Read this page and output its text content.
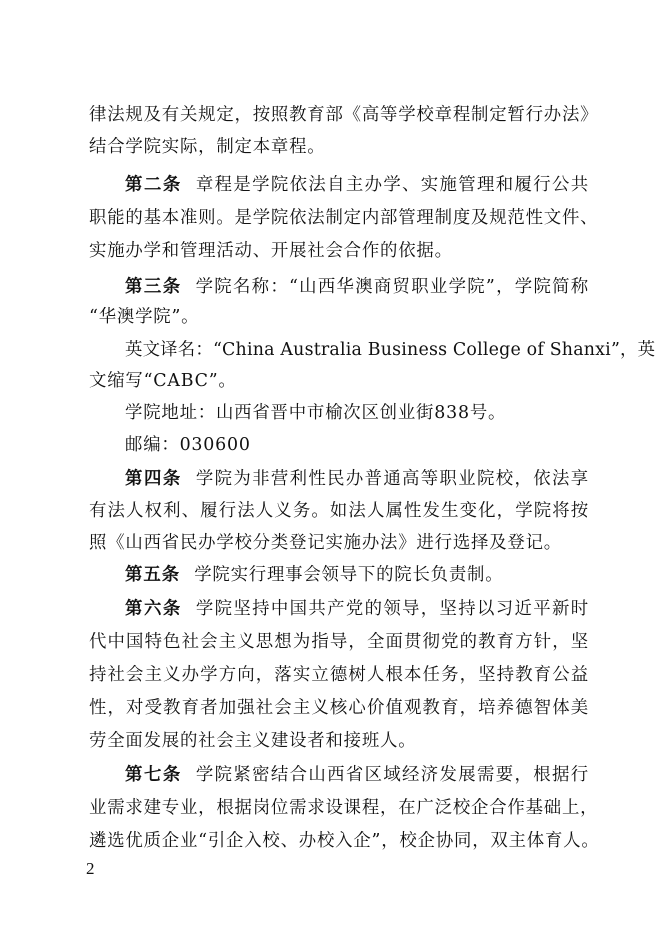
律法规及有关规定，按照教育部《高等学校章程制定暂行办法》
结合学院实际，制定本章程。
第二条 章程是学院依法自主办学、实施管理和履行公共
职能的基本准则。是学院依法制定内部管理制度及规范性文件、
实施办学和管理活动、开展社会合作的依据。
第三条 学院名称：“山西华澳商贸职业学院”，学院简称
“华澳学院”。
英文译名：“China Australia Business College of Shanxi”，英
文缩写“CABC”。
学院地址：山西省晋中市榆次区创业街838号。
邮编：030600
第四条 学院为非营利性民办普通高等职业院校，依法享
有法人权利、履行法人义务。如法人属性发生变化，学院将按
照《山西省民办学校分类登记实施办法》进行选择及登记。
第五条 学院实行理事会领导下的院长负责制。
第六条 学院坚持中国共产党的领导，坚持以习近平新时
代中国特色社会主义思想为指导，全面贯彻党的教育方针，坚
持社会主义办学方向，落实立德树人根本任务，坚持教育公益
性，对受教育者加强社会主义核心价值观教育，培养德智体美
劳全面发展的社会主义建设者和接班人。
第七条 学院紧密结合山西省区域经济发展需要，根据行
业需求建专业，根据岗位需求设课程，在广泛校企合作基础上，
遴选优质企业“引企入校、办校入企”，校企协同，双主体育人。
2
